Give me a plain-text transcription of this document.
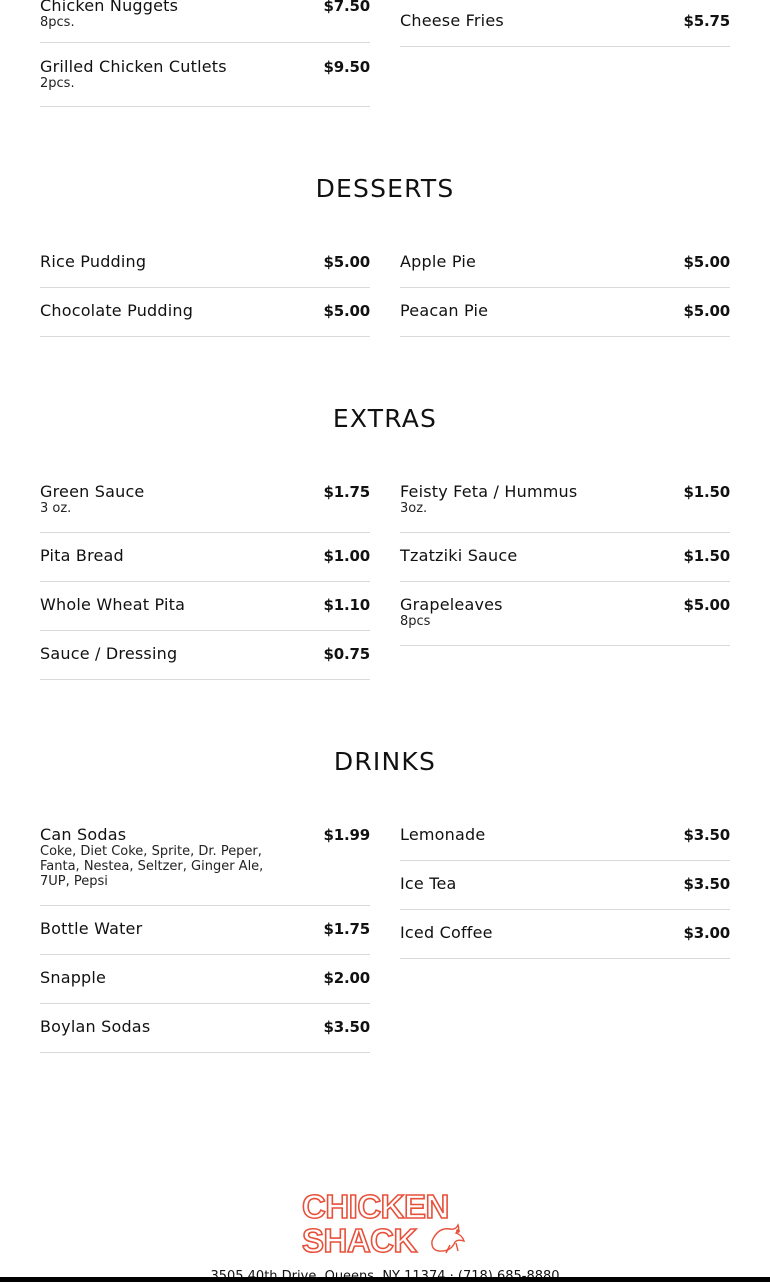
Chicken Nuggets	$7.50
8pcs.
Grilled Chicken Cutlets	$9.50
2pcs.
Cheese Fries	$5.75
DESSERTS
Rice Pudding	$5.00
Chocolate Pudding	$5.00
Apple Pie	$5.00
Peacan Pie	$5.00
EXTRAS
Green Sauce	$1.75
3 oz.
Pita Bread	$1.00
Whole Wheat Pita	$1.10
Sauce / Dressing	$0.75
Feisty Feta / Hummus	$1.50
3oz.
Tzatziki Sauce	$1.50
Grapeleaves	$5.00
8pcs
DRINKS
Can Sodas	$1.99
Coke, Diet Coke, Sprite, Dr. Peper, Fanta, Nestea, Seltzer, Ginger Ale, 7UP, Pepsi
Bottle Water	$1.75
Snapple	$2.00
Boylan Sodas	$3.50
Lemonade	$3.50
Ice Tea	$3.50
Iced Coffee	$3.00
CHICKEN
SHACK
